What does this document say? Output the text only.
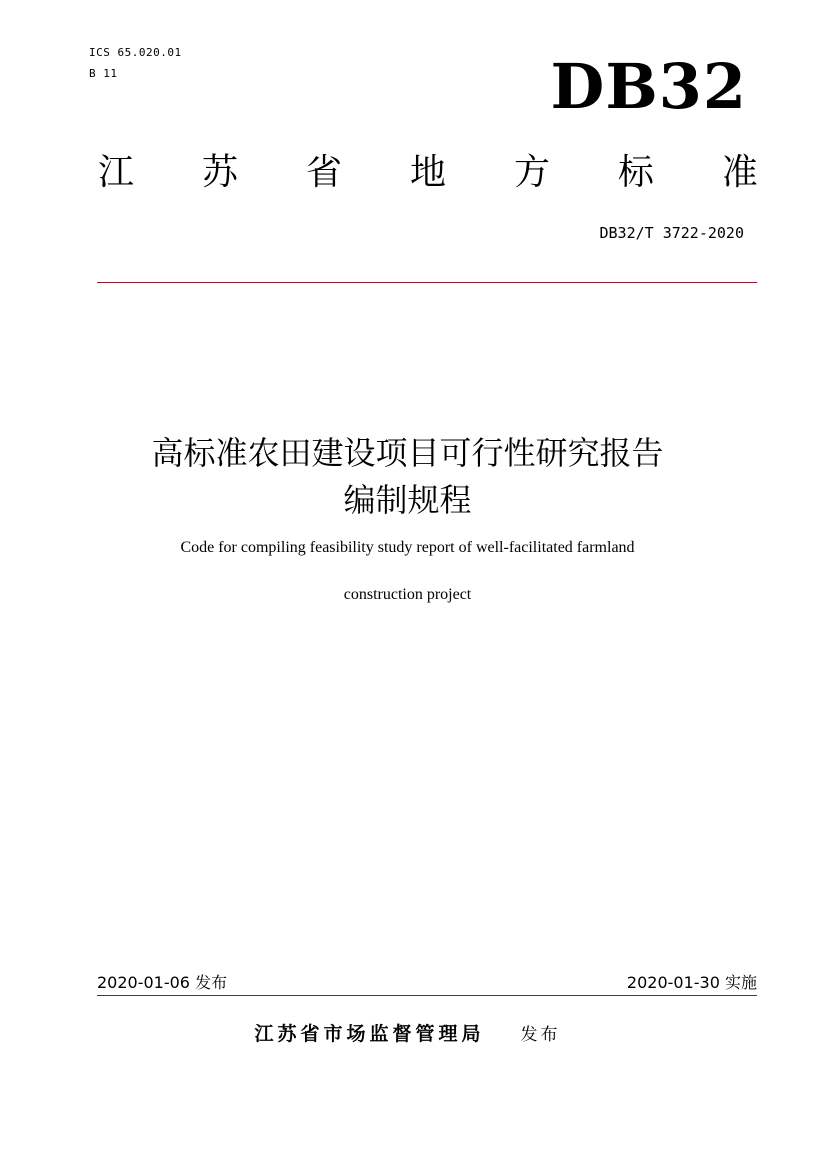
ICS 65.020.01
B 11	DB32
江 苏 省 地 方 标 准
DB32/T 3722-2020
高标准农田建设项目可行性研究报告
编制规程
Code for compiling feasibility study report of well-facilitated farmland
construction project
2020-01-06 发布	2020-01-30 实施
江苏省市场监督管理局 发布
